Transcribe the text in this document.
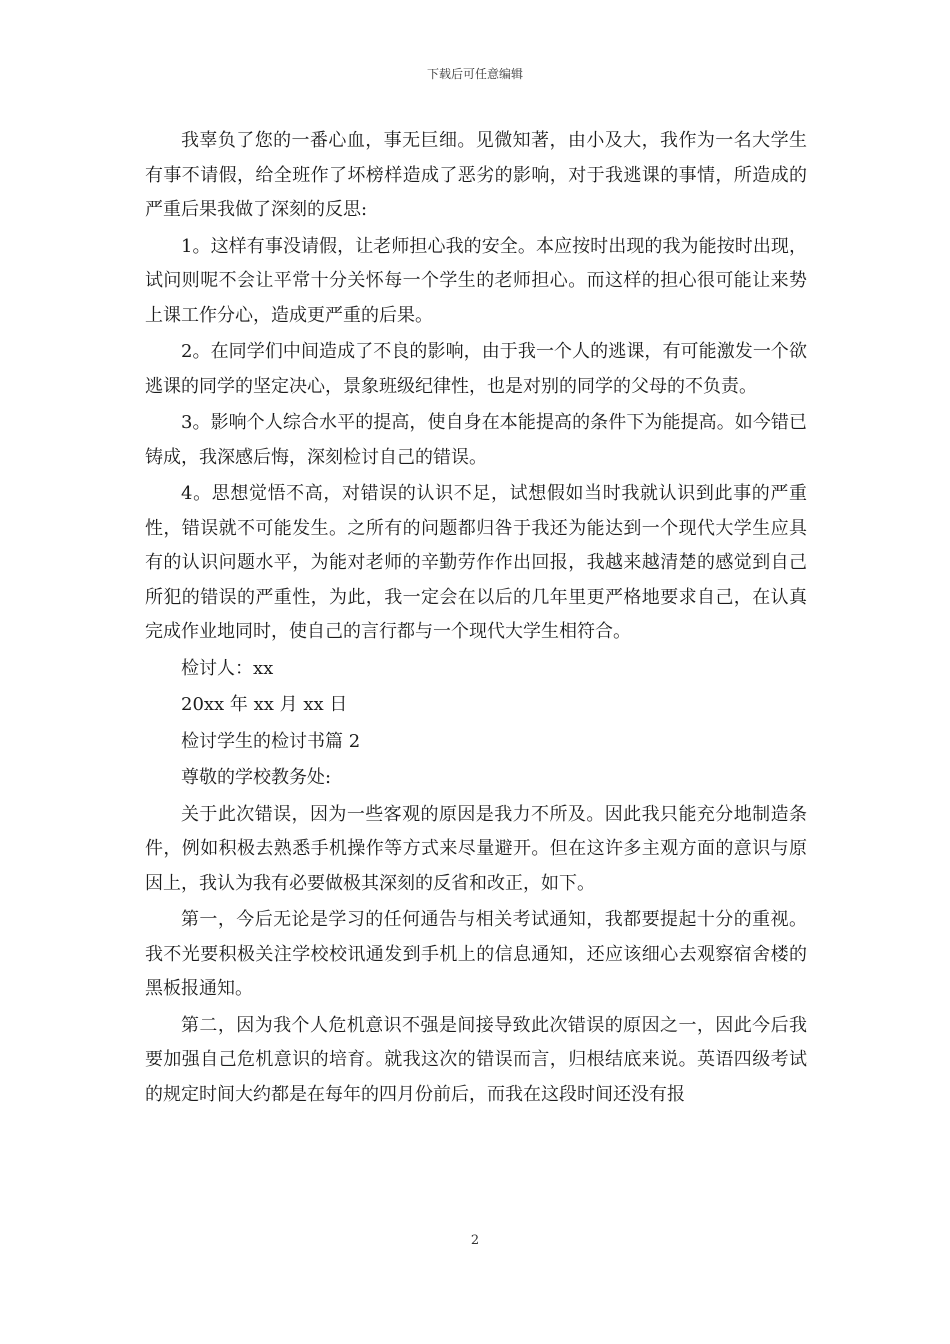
下载后可任意编辑

我辜负了您的一番心血，事无巨细。见微知著，由小及大，我作为一名大学生有事不请假，给全班作了坏榜样造成了恶劣的影响，对于我逃课的事情，所造成的严重后果我做了深刻的反思:

1。这样有事没请假，让老师担心我的安全。本应按时出现的我为能按时出现，试问则呢不会让平常十分关怀每一个学生的老师担心。而这样的担心很可能让来势上课工作分心，造成更严重的后果。

2。在同学们中间造成了不良的影响，由于我一个人的逃课，有可能激发一个欲逃课的同学的坚定决心，景象班级纪律性，也是对别的同学的父母的不负责。

3。影响个人综合水平的提高，使自身在本能提高的条件下为能提高。如今错已铸成，我深感后悔，深刻检讨自己的错误。

4。思想觉悟不高，对错误的认识不足，试想假如当时我就认识到此事的严重性，错误就不可能发生。之所有的问题都归咎于我还为能达到一个现代大学生应具有的认识问题水平，为能对老师的辛勤劳作作出回报，我越来越清楚的感觉到自己所犯的错误的严重性，为此，我一定会在以后的几年里更严格地要求自己，在认真完成作业地同时，使自己的言行都与一个现代大学生相符合。

检讨人：xx

20xx 年 xx 月 xx 日

检讨学生的检讨书篇 2

尊敬的学校教务处:

关于此次错误，因为一些客观的原因是我力不所及。因此我只能充分地制造条件，例如积极去熟悉手机操作等方式来尽量避开。但在这许多主观方面的意识与原因上，我认为我有必要做极其深刻的反省和改正，如下。

第一，今后无论是学习的任何通告与相关考试通知，我都要提起十分的重视。我不光要积极关注学校校讯通发到手机上的信息通知，还应该细心去观察宿舍楼的黑板报通知。

第二，因为我个人危机意识不强是间接导致此次错误的原因之一，因此今后我要加强自己危机意识的培育。就我这次的错误而言，归根结底来说。英语四级考试的规定时间大约都是在每年的四月份前后，而我在这段时间还没有报

2
